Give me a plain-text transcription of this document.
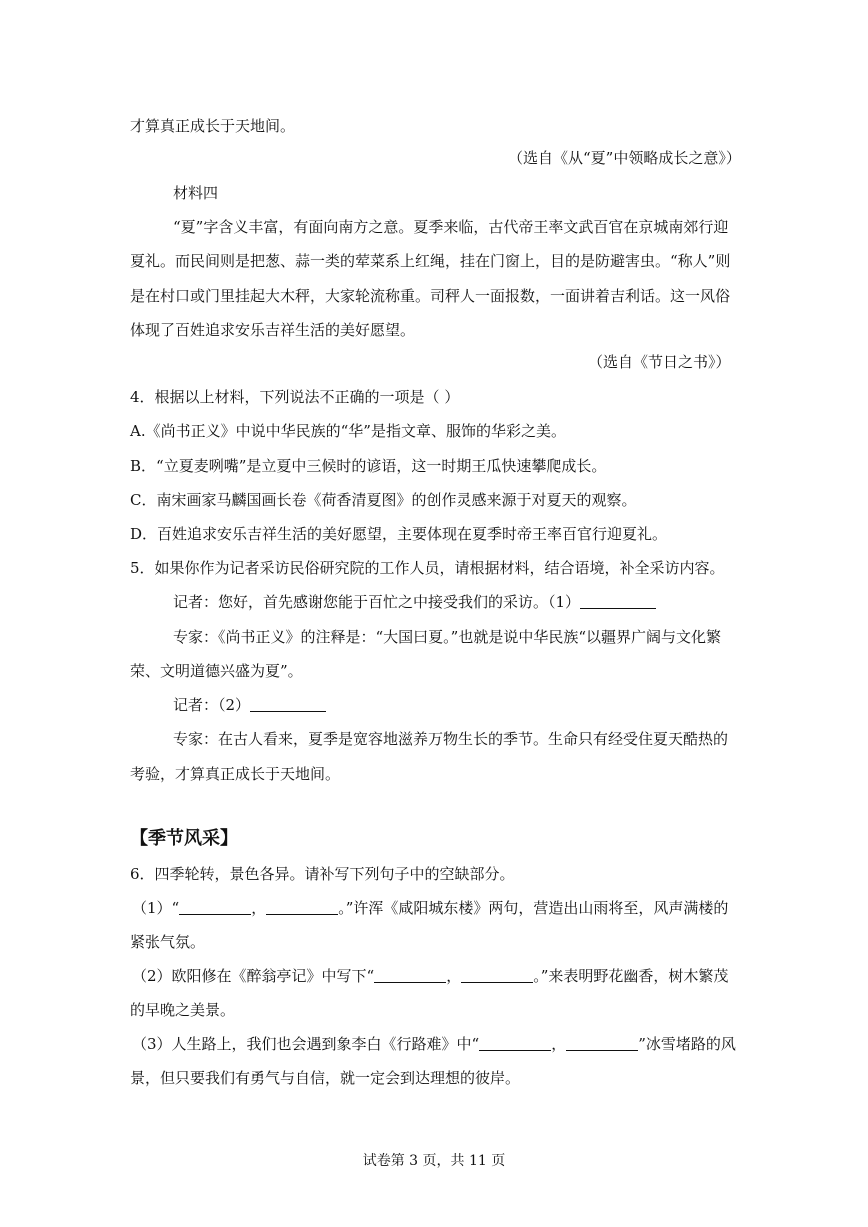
才算真正成长于天地间。
（选自《从“夏”中领略成长之意》）
材料四
“夏”字含义丰富，有面向南方之意。夏季来临，古代帝王率文武百官在京城南郊行迎
夏礼。而民间则是把葱、蒜一类的荤菜系上红绳，挂在门窗上，目的是防避害虫。“称人”则
是在村口或门里挂起大木秤，大家轮流称重。司秤人一面报数，一面讲着吉利话。这一风俗
体现了百姓追求安乐吉祥生活的美好愿望。
（选自《节日之书》）
4．根据以上材料，下列说法不正确的一项是（ ）
A.《尚书正义》中说中华民族的“华”是指文章、服饰的华彩之美。
B．“立夏麦咧嘴”是立夏中三候时的谚语，这一时期王瓜快速攀爬成长。
C．南宋画家马麟国画长卷《荷香清夏图》的创作灵感来源于对夏天的观察。
D．百姓追求安乐吉祥生活的美好愿望，主要体现在夏季时帝王率百官行迎夏礼。
5．如果你作为记者采访民俗研究院的工作人员，请根据材料，结合语境，补全采访内容。
记者：您好，首先感谢您能于百忙之中接受我们的采访。（1）
专家：《尚书正义》的注释是：“大国曰夏。”也就是说中华民族“以疆界广阔与文化繁
荣、文明道德兴盛为夏”。
记者：（2）
专家：在古人看来，夏季是宽容地滋养万物生长的季节。生命只有经受住夏天酷热的
考验，才算真正成长于天地间。
【季节风采】
6．四季轮转，景色各异。请补写下列句子中的空缺部分。
（1）“	，	。”许浑《咸阳城东楼》两句，营造出山雨将至，风声满楼的
紧张气氛。
（2）欧阳修在《醉翁亭记》中写下“	，	。”来表明野花幽香，树木繁茂
的早晚之美景。
（3）人生路上，我们也会遇到象李白《行路难》中“	，	”冰雪堵路的风
景，但只要我们有勇气与自信，就一定会到达理想的彼岸。
试卷第 3 页，共 11 页
